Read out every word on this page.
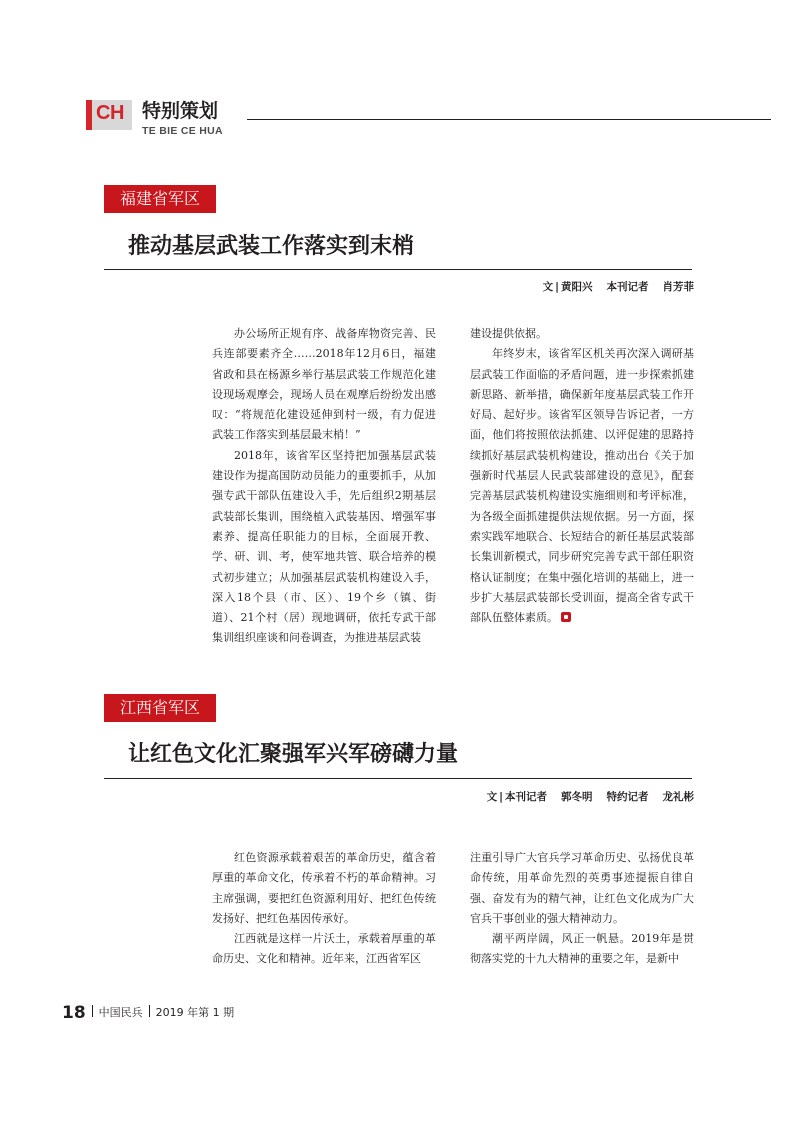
CH 特别策划
TE BIE CE HUA
福建省军区
推动基层武装工作落实到末梢
文 | 黄阳兴 本刊记者 肖芳菲

办公场所正规有序、战备库物资完善、民兵连部要素齐全……2018年12月6日，福建省政和县在杨源乡举行基层武装工作规范化建设现场观摩会，现场人员在观摩后纷纷发出感叹：“将规范化建设延伸到村一级，有力促进武装工作落实到基层最末梢！”

2018年，该省军区坚持把加强基层武装建设作为提高国防动员能力的重要抓手，从加强专武干部队伍建设入手，先后组织2期基层武装部长集训，围绕植入武装基因、增强军事素养、提高任职能力的目标，全面展开教、学、研、训、考，使军地共管、联合培养的模式初步建立；从加强基层武装机构建设入手，深入18个县（市、区）、19个乡（镇、街道）、21个村（居）现地调研，依托专武干部集训组织座谈和问卷调查，为推进基层武装

建设提供依据。

年终岁末，该省军区机关再次深入调研基层武装工作面临的矛盾问题，进一步探索抓建新思路、新举措，确保新年度基层武装工作开好局、起好步。该省军区领导告诉记者，一方面，他们将按照依法抓建、以评促建的思路持续抓好基层武装机构建设，推动出台《关于加强新时代基层人民武装部建设的意见》，配套完善基层武装机构建设实施细则和考评标准，为各级全面抓建提供法规依据。另一方面，探索实践军地联合、长短结合的新任基层武装部长集训新模式，同步研究完善专武干部任职资格认证制度；在集中强化培训的基础上，进一步扩大基层武装部长受训面，提高全省专武干部队伍整体素质。

江西省军区
让红色文化汇聚强军兴军磅礴力量
文 | 本刊记者 郭冬明 特约记者 龙礼彬

红色资源承载着艰苦的革命历史，蕴含着厚重的革命文化，传承着不朽的革命精神。习主席强调，要把红色资源利用好、把红色传统发扬好、把红色基因传承好。

江西就是这样一片沃土，承载着厚重的革命历史、文化和精神。近年来，江西省军区

注重引导广大官兵学习革命历史、弘扬优良革命传统，用革命先烈的英勇事迹提振自律自强、奋发有为的精气神，让红色文化成为广大官兵干事创业的强大精神动力。

潮平两岸阔，风正一帆悬。2019年是贯彻落实党的十九大精神的重要之年，是新中

18 中国民兵 2019 年第 1 期
